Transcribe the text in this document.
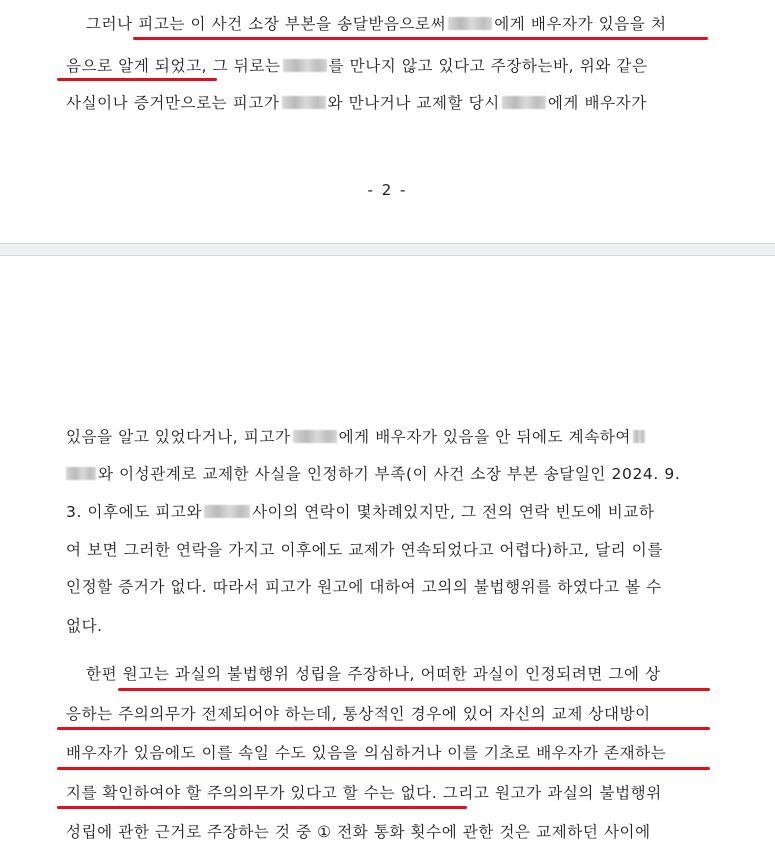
그러나 피고는 이 사건 소장 부본을 송달받음으로써	에게 배우자가 있음을 처
음으로 알게 되었고, 그 뒤로는	를 만나지 않고 있다고 주장하는바, 위와 같은
사실이나 증거만으로는 피고가	와 만나거나 교제할 당시	에게 배우자가
- 2 -
있음을 알고 있었다거나, 피고가	에게 배우자가 있음을 안 뒤에도 계속하여
와 이성관계로 교제한 사실을 인정하기 부족(이 사건 소장 부본 송달일인 2024. 9.
3. 이후에도 피고와	사이의 연락이 몇차례있지만, 그 전의 연락 빈도에 비교하
여 보면 그러한 연락을 가지고 이후에도 교제가 연속되었다고 어렵다)하고, 달리 이를
인정할 증거가 없다. 따라서 피고가 원고에 대하여 고의의 불법행위를 하였다고 볼 수
없다.
한편 원고는 과실의 불법행위 성립을 주장하나, 어떠한 과실이 인정되려면 그에 상
응하는 주의의무가 전제되어야 하는데, 통상적인 경우에 있어 자신의 교제 상대방이
배우자가 있음에도 이를 속일 수도 있음을 의심하거나 이를 기초로 배우자가 존재하는
지를 확인하여야 할 주의의무가 있다고 할 수는 없다. 그리고 원고가 과실의 불법행위
성립에 관한 근거로 주장하는 것 중 ① 전화 통화 횟수에 관한 것은 교제하던 사이에
